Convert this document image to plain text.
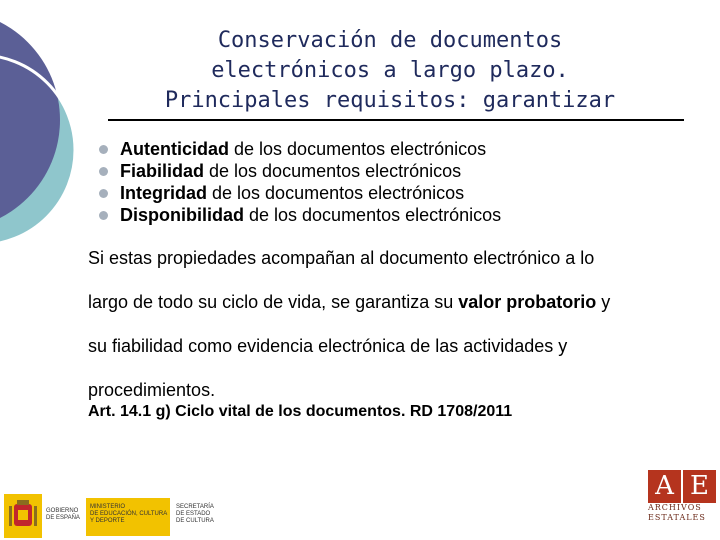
Conservación de documentos
electrónicos a largo plazo.
Principales requisitos: garantizar
Autenticidad de los documentos electrónicos
Fiabilidad de los documentos electrónicos
Integridad de los documentos electrónicos
Disponibilidad de los documentos electrónicos
Si estas propiedades acompañan al documento electrónico a lo
largo de todo su ciclo de vida, se garantiza su valor probatorio y
su fiabilidad como evidencia electrónica de las actividades y
procedimientos.
Art. 14.1 g) Ciclo vital de los documentos. RD 1708/2011
GOBIERNO
DE ESPAÑA
MINISTERIO
DE EDUCACIÓN, CULTURA
Y DEPORTE
SECRETARÍA
DE ESTADO
DE CULTURA
A E
ARCHIVOS
ESTATALES
